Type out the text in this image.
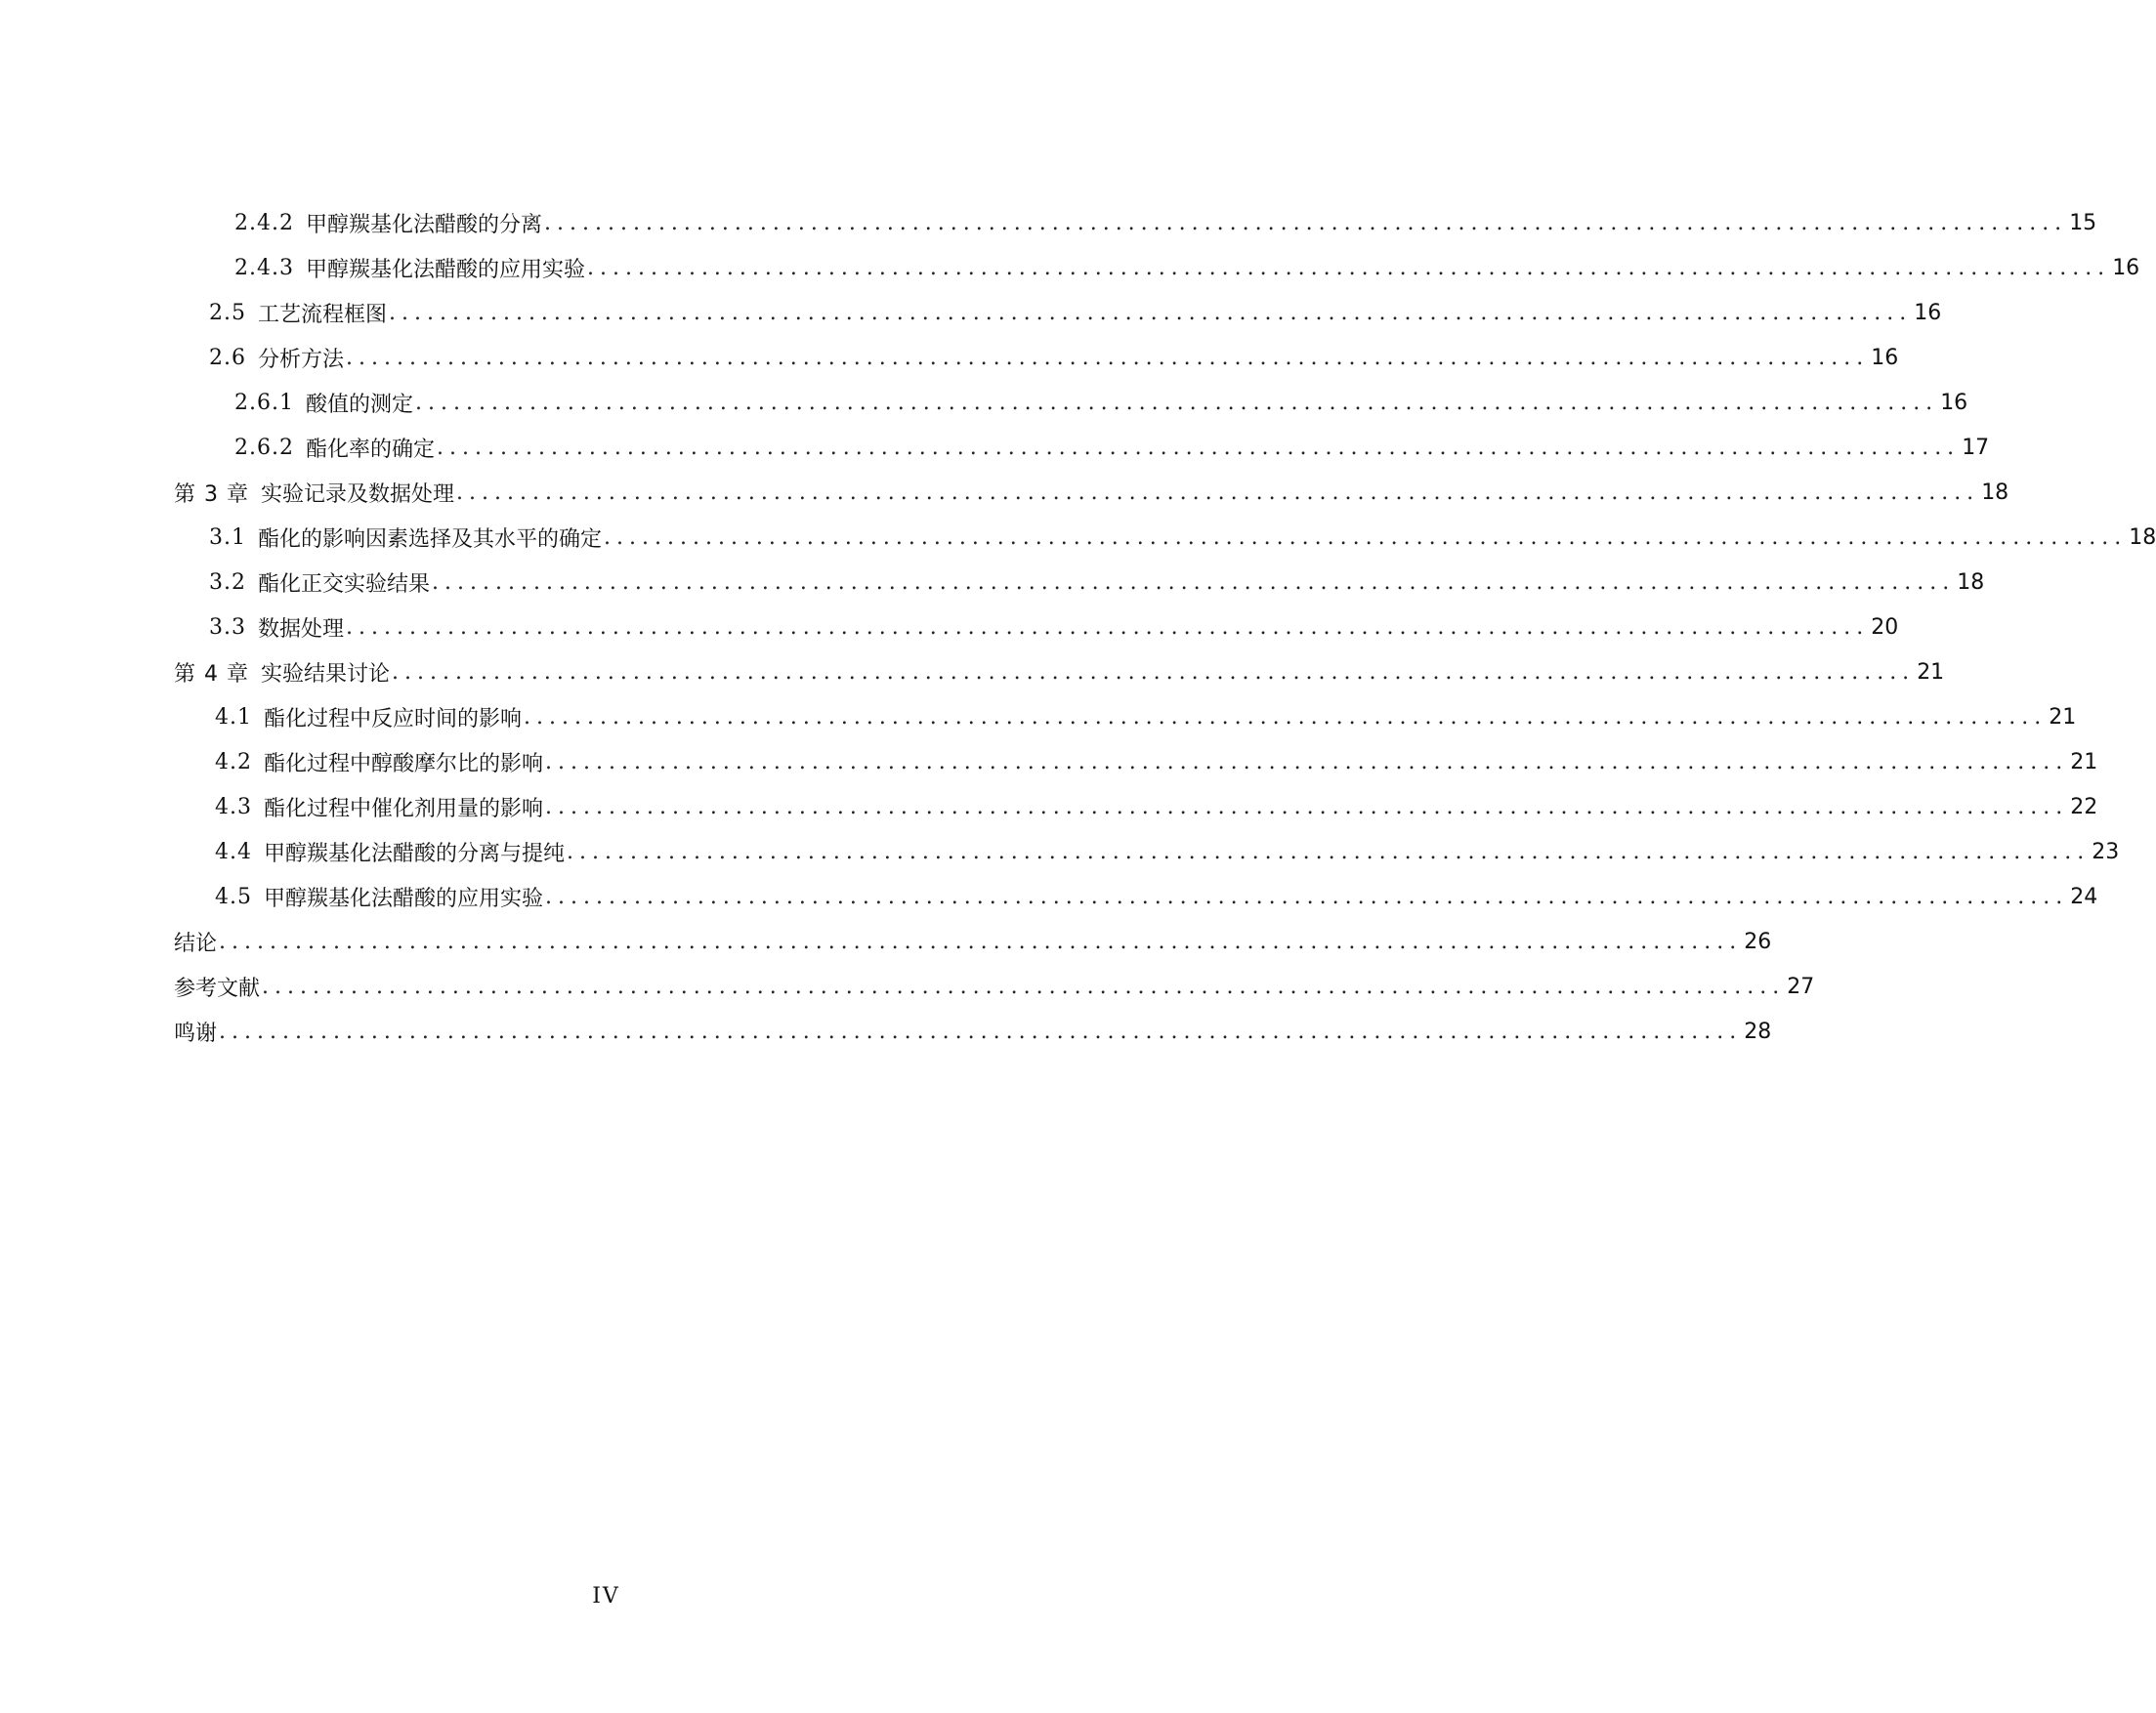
2.4.2 甲醇羰基化法醋酸的分离 ........................................................................................................................ 15
2.4.3 甲醇羰基化法醋酸的应用实验 ........................................................................................................................ 16
2.5 工艺流程框图 ........................................................................................................................ 16
2.6 分析方法 ........................................................................................................................ 16
2.6.1 酸值的测定 ........................................................................................................................ 16
2.6.2 酯化率的确定 ........................................................................................................................ 17
第 3 章 实验记录及数据处理 ........................................................................................................................ 18
3.1 酯化的影响因素选择及其水平的确定 ........................................................................................................................ 18
3.2 酯化正交实验结果 ........................................................................................................................ 18
3.3 数据处理 ........................................................................................................................ 20
第 4 章 实验结果讨论 ........................................................................................................................ 21
4.1 酯化过程中反应时间的影响 ........................................................................................................................ 21
4.2 酯化过程中醇酸摩尔比的影响 ........................................................................................................................ 21
4.3 酯化过程中催化剂用量的影响 ........................................................................................................................ 22
4.4 甲醇羰基化法醋酸的分离与提纯 ........................................................................................................................ 23
4.5 甲醇羰基化法醋酸的应用实验 ........................................................................................................................ 24
结论 ........................................................................................................................ 26
参考文献 ........................................................................................................................ 27
鸣谢 ........................................................................................................................ 28
IV
